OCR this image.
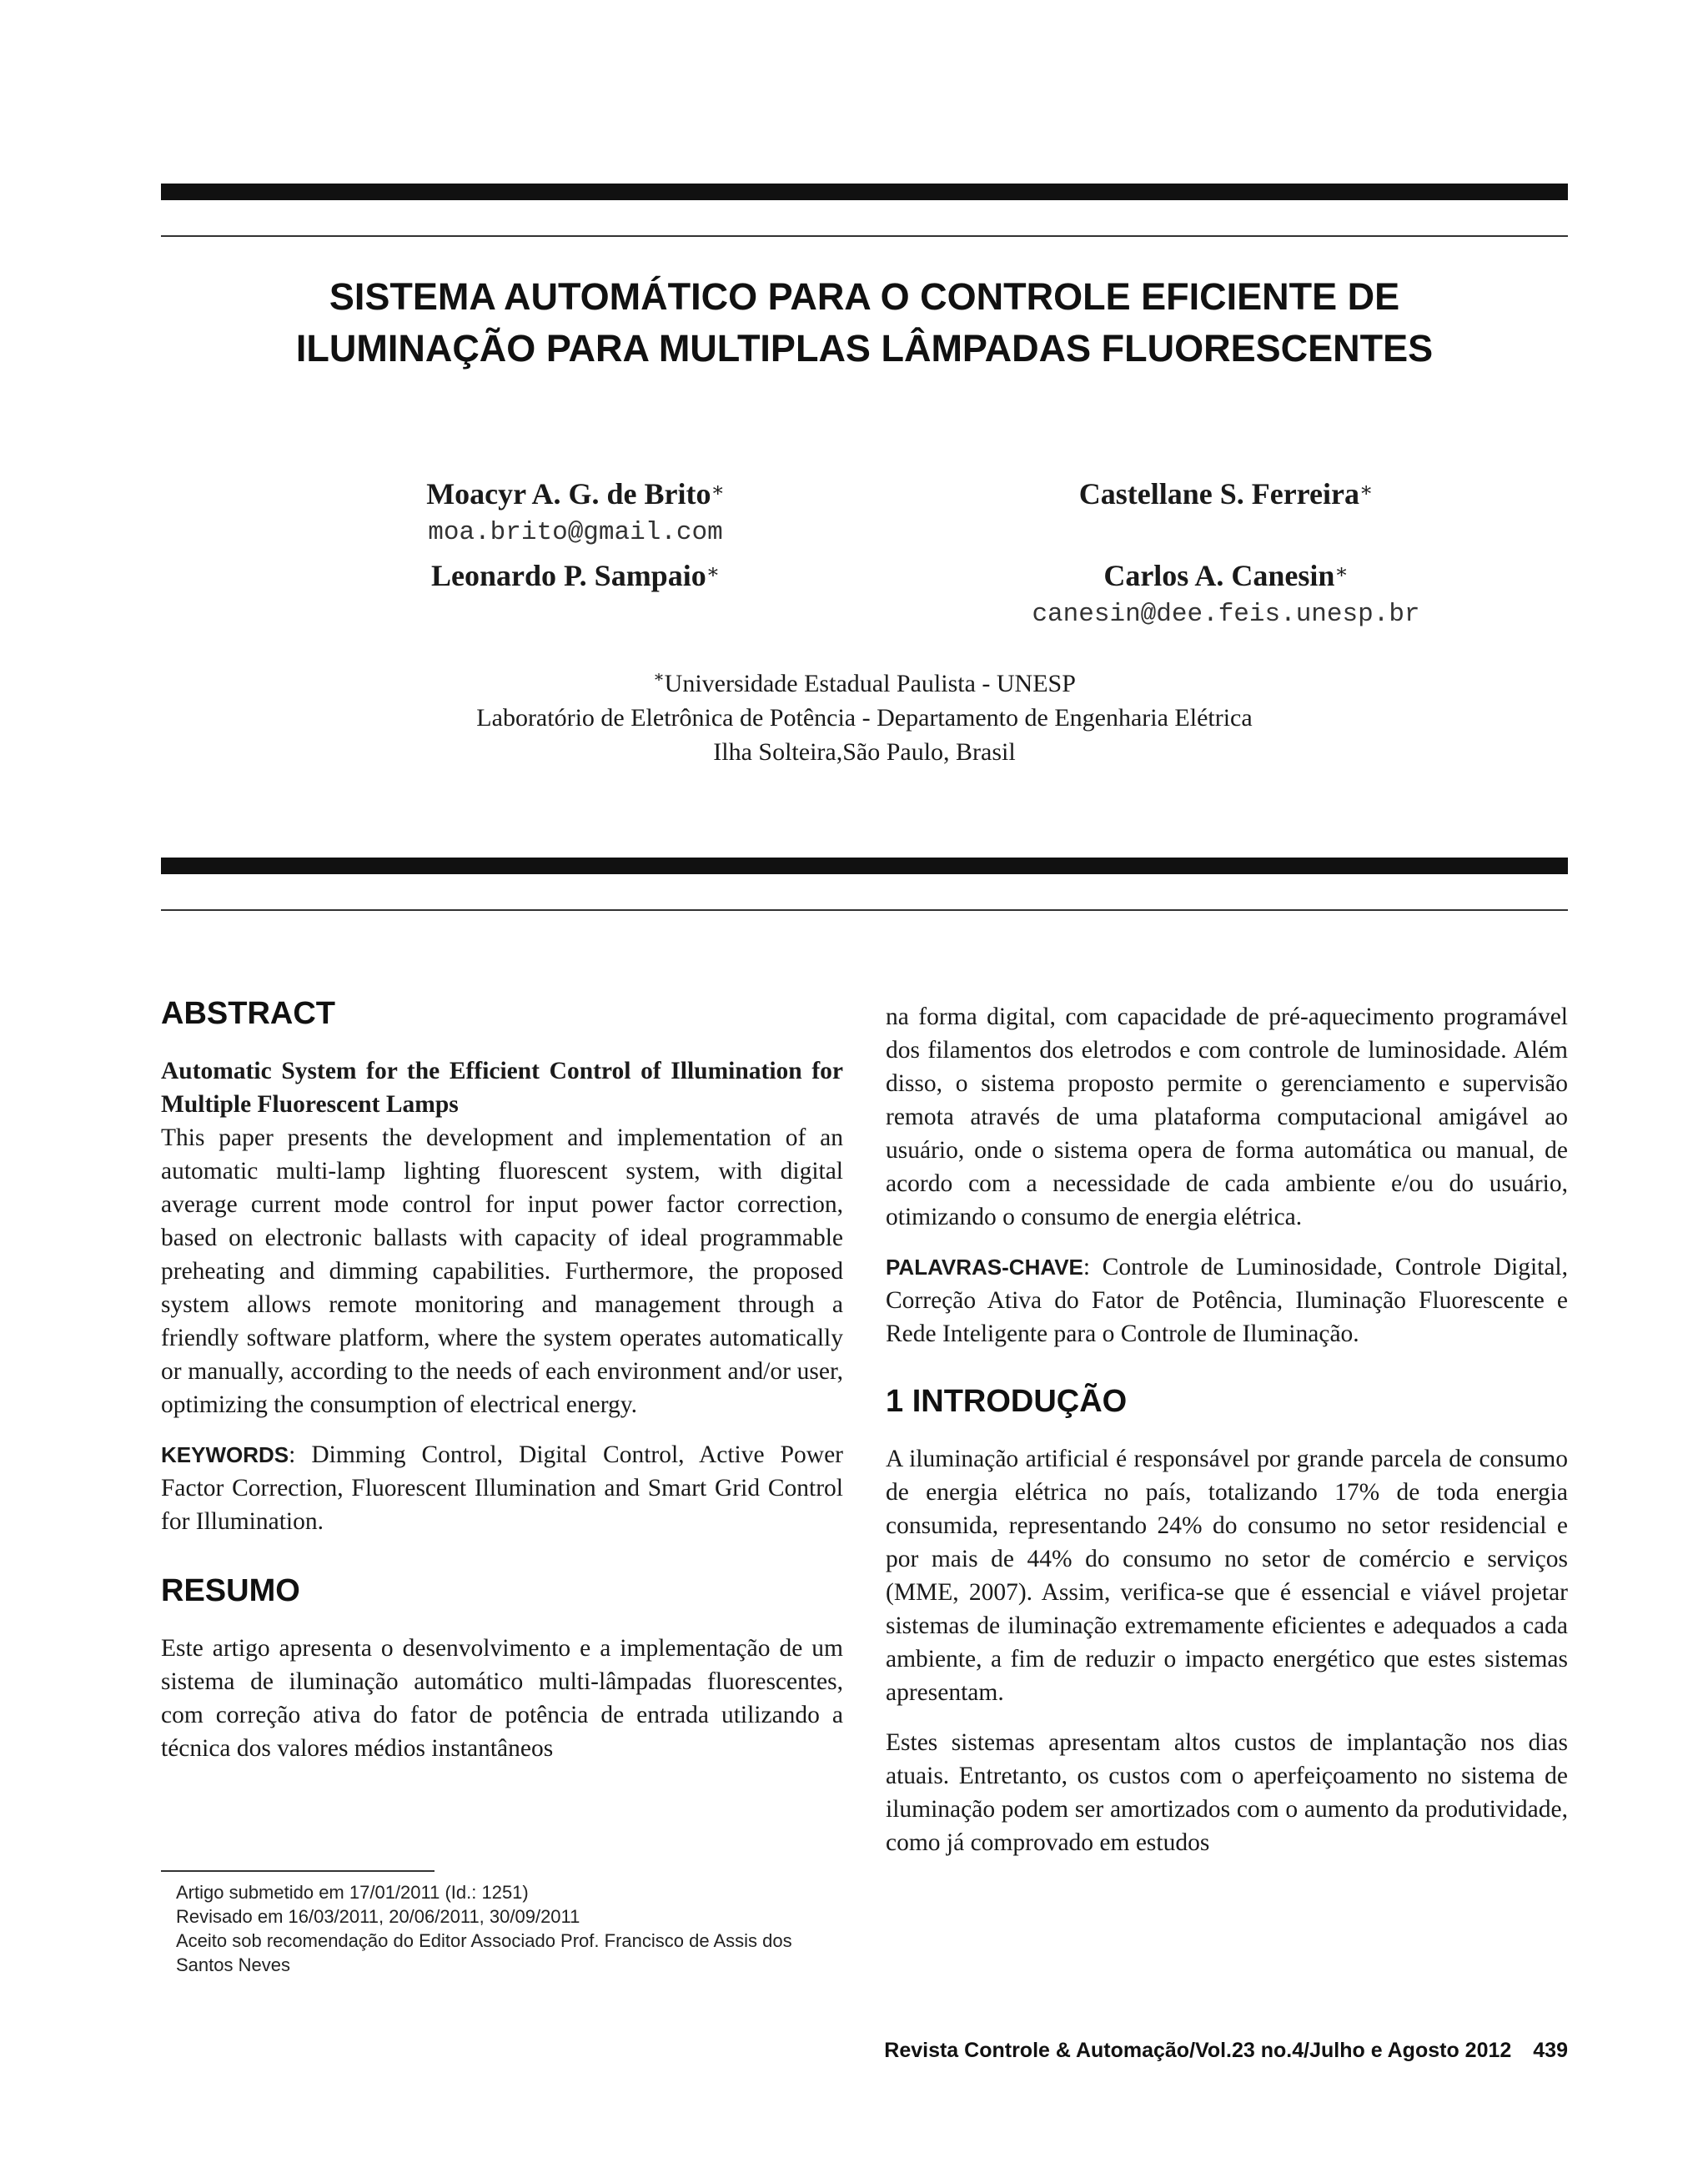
SISTEMA AUTOMÁTICO PARA O CONTROLE EFICIENTE DE
ILUMINAÇÃO PARA MULTIPLAS LÂMPADAS FLUORESCENTES
Moacyr A. G. de Brito∗
moa.brito@gmail.com
Castellane S. Ferreira∗
Leonardo P. Sampaio∗	Carlos A. Canesin∗
canesin@dee.feis.unesp.br
∗Universidade Estadual Paulista - UNESP
Laboratório de Eletrônica de Potência - Departamento de Engenharia Elétrica
Ilha Solteira,São Paulo, Brasil
ABSTRACT

Automatic System for the Efficient Control of Illumination for Multiple Fluorescent Lamps

This paper presents the development and implementation of an automatic multi-lamp lighting fluorescent system, with digital average current mode control for input power factor correction, based on electronic ballasts with capacity of ideal programmable preheating and dimming capabilities. Furthermore, the proposed system allows remote monitoring and management through a friendly software platform, where the system operates automatically or manually, according to the needs of each environment and/or user, optimizing the consumption of electrical energy.

KEYWORDS: Dimming Control, Digital Control, Active Power Factor Correction, Fluorescent Illumination and Smart Grid Control for Illumination.

RESUMO

Este artigo apresenta o desenvolvimento e a implementação de um sistema de iluminação automático multi-lâmpadas fluorescentes, com correção ativa do fator de potência de entrada utilizando a técnica dos valores médios instantâneos

na forma digital, com capacidade de pré-aquecimento programável dos filamentos dos eletrodos e com controle de luminosidade. Além disso, o sistema proposto permite o gerenciamento e supervisão remota através de uma plataforma computacional amigável ao usuário, onde o sistema opera de forma automática ou manual, de acordo com a necessidade de cada ambiente e/ou do usuário, otimizando o consumo de energia elétrica.

PALAVRAS-CHAVE: Controle de Luminosidade, Controle Digital, Correção Ativa do Fator de Potência, Iluminação Fluorescente e Rede Inteligente para o Controle de Iluminação.

1 INTRODUÇÃO

A iluminação artificial é responsável por grande parcela de consumo de energia elétrica no país, totalizando 17% de toda energia consumida, representando 24% do consumo no setor residencial e por mais de 44% do consumo no setor de comércio e serviços (MME, 2007). Assim, verifica-se que é essencial e viável projetar sistemas de iluminação extremamente eficientes e adequados a cada ambiente, a fim de reduzir o impacto energético que estes sistemas apresentam.

Estes sistemas apresentam altos custos de implantação nos dias atuais. Entretanto, os custos com o aperfeiçoamento no sistema de iluminação podem ser amortizados com o aumento da produtividade, como já comprovado em estudos

Artigo submetido em 17/01/2011 (Id.: 1251)

Revisado em 16/03/2011, 20/06/2011, 30/09/2011

Aceito sob recomendação do Editor Associado Prof. Francisco de Assis dos Santos Neves

Revista Controle & Automação/Vol.23 no.4/Julho e Agosto 2012 439
